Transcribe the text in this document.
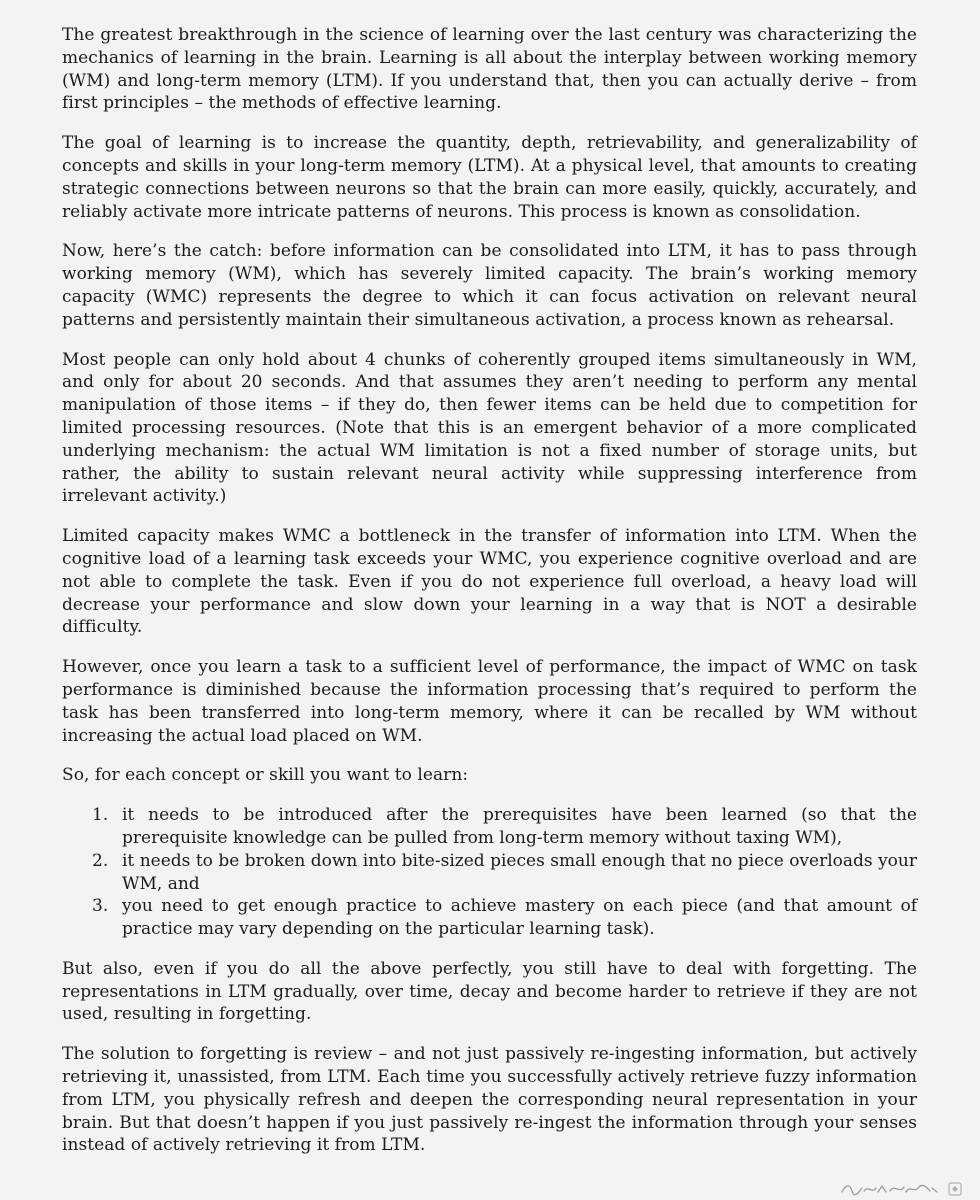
The greatest breakthrough in the science of learning over the last century was characterizing the mechanics of learning in the brain. Learning is all about the interplay between working memory (WM) and long-term memory (LTM). If you understand that, then you can actually derive – from first principles – the methods of effective learning.

The goal of learning is to increase the quantity, depth, retrievability, and generalizability of concepts and skills in your long-term memory (LTM). At a physical level, that amounts to creating strategic connections between neurons so that the brain can more easily, quickly, accurately, and reliably activate more intricate patterns of neurons. This process is known as consolidation.

Now, here’s the catch: before information can be consolidated into LTM, it has to pass through working memory (WM), which has severely limited capacity. The brain’s working memory capacity (WMC) represents the degree to which it can focus activation on relevant neural patterns and persistently maintain their simultaneous activation, a process known as rehearsal.

Most people can only hold about 4 chunks of coherently grouped items simultaneously in WM, and only for about 20 seconds. And that assumes they aren’t needing to perform any mental manipulation of those items – if they do, then fewer items can be held due to competition for limited processing resources. (Note that this is an emergent behavior of a more complicated underlying mechanism: the actual WM limitation is not a fixed number of storage units, but rather, the ability to sustain relevant neural activity while suppressing interference from irrelevant activity.)

Limited capacity makes WMC a bottleneck in the transfer of information into LTM. When the cognitive load of a learning task exceeds your WMC, you experience cognitive overload and are not able to complete the task. Even if you do not experience full overload, a heavy load will decrease your performance and slow down your learning in a way that is NOT a desirable difficulty.

However, once you learn a task to a sufficient level of performance, the impact of WMC on task performance is diminished because the information processing that’s required to perform the task has been transferred into long-term memory, where it can be recalled by WM without increasing the actual load placed on WM.

So, for each concept or skill you want to learn:

1. it needs to be introduced after the prerequisites have been learned (so that the prerequisite knowledge can be pulled from long-term memory without taxing WM),
2. it needs to be broken down into bite-sized pieces small enough that no piece overloads your WM, and
3. you need to get enough practice to achieve mastery on each piece (and that amount of practice may vary depending on the particular learning task).

But also, even if you do all the above perfectly, you still have to deal with forgetting. The representations in LTM gradually, over time, decay and become harder to retrieve if they are not used, resulting in forgetting.

The solution to forgetting is review – and not just passively re-ingesting information, but actively retrieving it, unassisted, from LTM. Each time you successfully actively retrieve fuzzy information from LTM, you physically refresh and deepen the corresponding neural representation in your brain. But that doesn’t happen if you just passively re-ingest the information through your senses instead of actively retrieving it from LTM.
